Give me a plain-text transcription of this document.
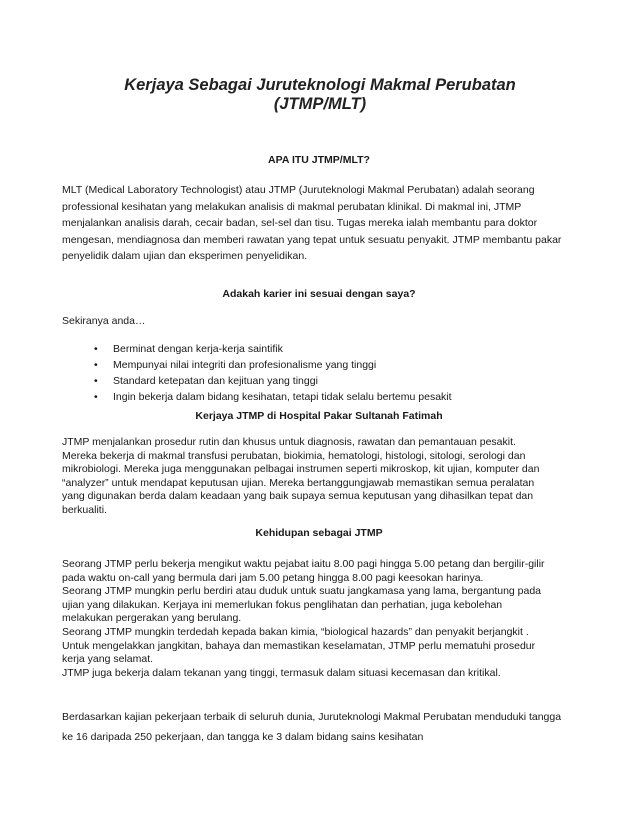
Kerjaya Sebagai Juruteknologi Makmal Perubatan
(JTMP/MLT)
APA ITU JTMP/MLT?
MLT (Medical Laboratory Technologist) atau JTMP (Juruteknologi Makmal Perubatan) adalah seorang
professional kesihatan yang melakukan analisis di makmal perubatan klinikal. Di makmal ini, JTMP
menjalankan analisis darah, cecair badan, sel-sel dan tisu. Tugas mereka ialah membantu para doktor
mengesan, mendiagnosa dan memberi rawatan yang tepat untuk sesuatu penyakit. JTMP membantu pakar
penyelidik dalam ujian dan eksperimen penyelidikan.
Adakah karier ini sesuai dengan saya?
Sekiranya anda…
• Berminat dengan kerja-kerja saintifik
• Mempunyai nilai integriti dan profesionalisme yang tinggi
• Standard ketepatan dan kejituan yang tinggi
• Ingin bekerja dalam bidang kesihatan, tetapi tidak selalu bertemu pesakit
Kerjaya JTMP di Hospital Pakar Sultanah Fatimah
JTMP menjalankan prosedur rutin dan khusus untuk diagnosis, rawatan dan pemantauan pesakit.
Mereka bekerja di makmal transfusi perubatan, biokimia, hematologi, histologi, sitologi, serologi dan
mikrobiologi. Mereka juga menggunakan pelbagai instrumen seperti mikroskop, kit ujian, komputer dan
“analyzer” untuk mendapat keputusan ujian. Mereka bertanggungjawab memastikan semua peralatan
yang digunakan berda dalam keadaan yang baik supaya semua keputusan yang dihasilkan tepat dan
berkualiti.
Kehidupan sebagai JTMP
Seorang JTMP perlu bekerja mengikut waktu pejabat iaitu 8.00 pagi hingga 5.00 petang dan bergilir-gilir
pada waktu on-call yang bermula dari jam 5.00 petang hingga 8.00 pagi keesokan harinya.
Seorang JTMP mungkin perlu berdiri atau duduk untuk suatu jangkamasa yang lama, bergantung pada
ujian yang dilakukan. Kerjaya ini memerlukan fokus penglihatan dan perhatian, juga kebolehan
melakukan pergerakan yang berulang.
Seorang JTMP mungkin terdedah kepada bakan kimia, “biological hazards” dan penyakit berjangkit .
Untuk mengelakkan jangkitan, bahaya dan memastikan keselamatan, JTMP perlu mematuhi prosedur
kerja yang selamat.
JTMP juga bekerja dalam tekanan yang tinggi, termasuk dalam situasi kecemasan dan kritikal.
Berdasarkan kajian pekerjaan terbaik di seluruh dunia, Juruteknologi Makmal Perubatan menduduki tangga
ke 16 daripada 250 pekerjaan, dan tangga ke 3 dalam bidang sains kesihatan
